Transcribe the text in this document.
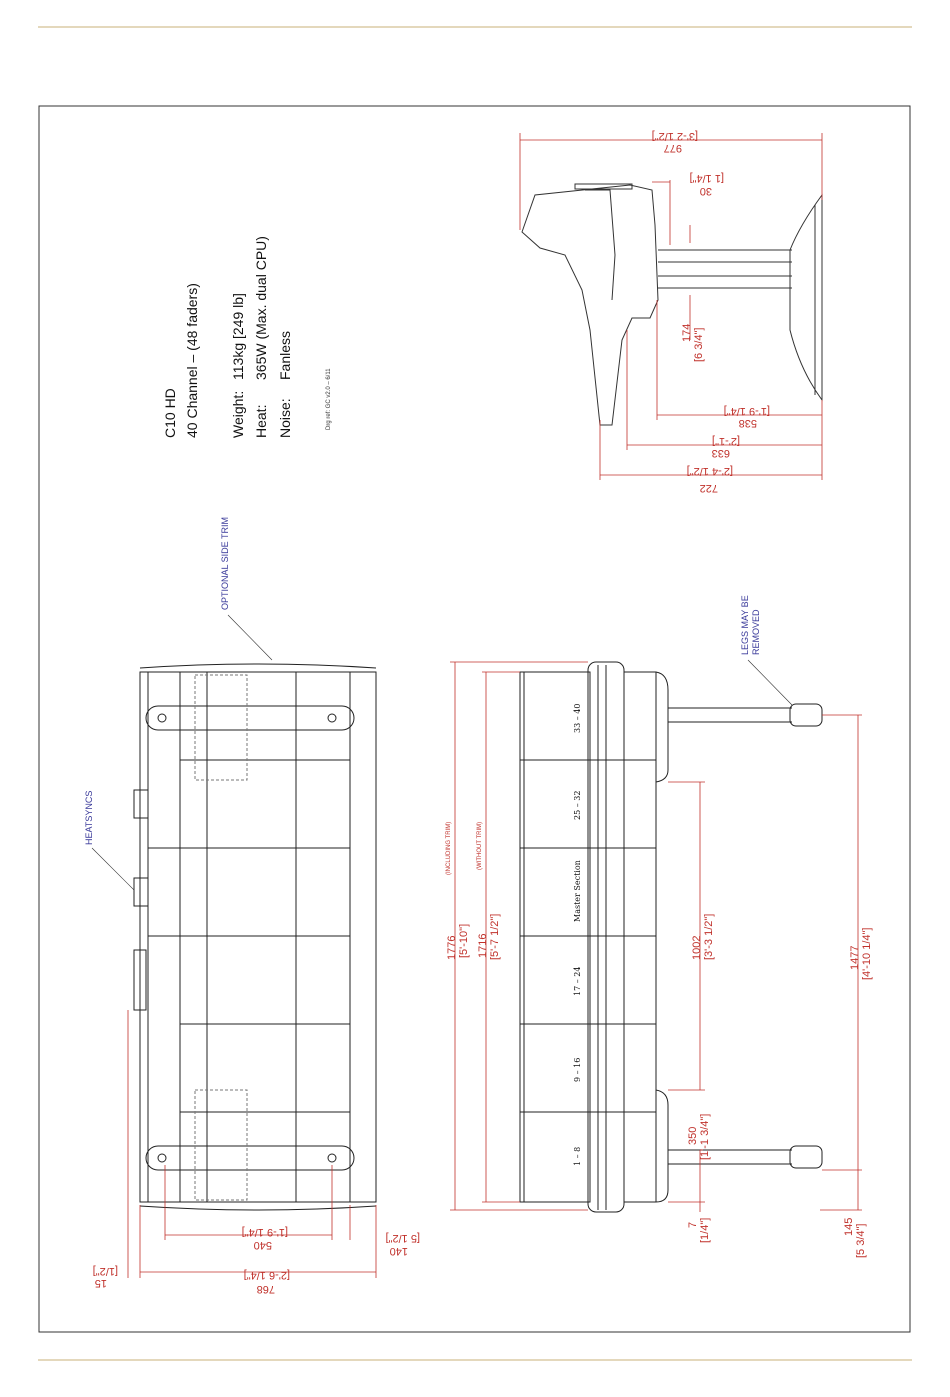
C10 HD 40 Channel – (48 faders) Weight:
113kg [249 lb]
Heat:
365W (Max. dual CPU)
Noise:
Fanless
Drg ref: GC v2.0 – 6/11
977
[3'-2 1/2"]
30
[1 1/4"]
174 [6 3/4"]
538
[1'-9 1/4"]
633
[2'-1"]
722
[2'-4 1/2"]
OPTIONAL SIDE TRIM
HEATSYNCS
540
[1'-9 1/4"]
140
[5 1/2"]
768
[2'-6 1/4"]
15
[1/2"]
33 – 40
25 – 32
Master Section
17 – 24
9 – 16
1 – 8
LEGS MAY BE REMOVED
1776 [5'-10"] 1716 [5'-7 1/2"]
(INCLUDING TRIM)	(WITHOUT TRIM)
1002 [3'-3 1/2"]	1477 [4'-10 1/4"]
350 [1'-1 3/4"]
7 [1/4"]	145 [5 3/4"]
